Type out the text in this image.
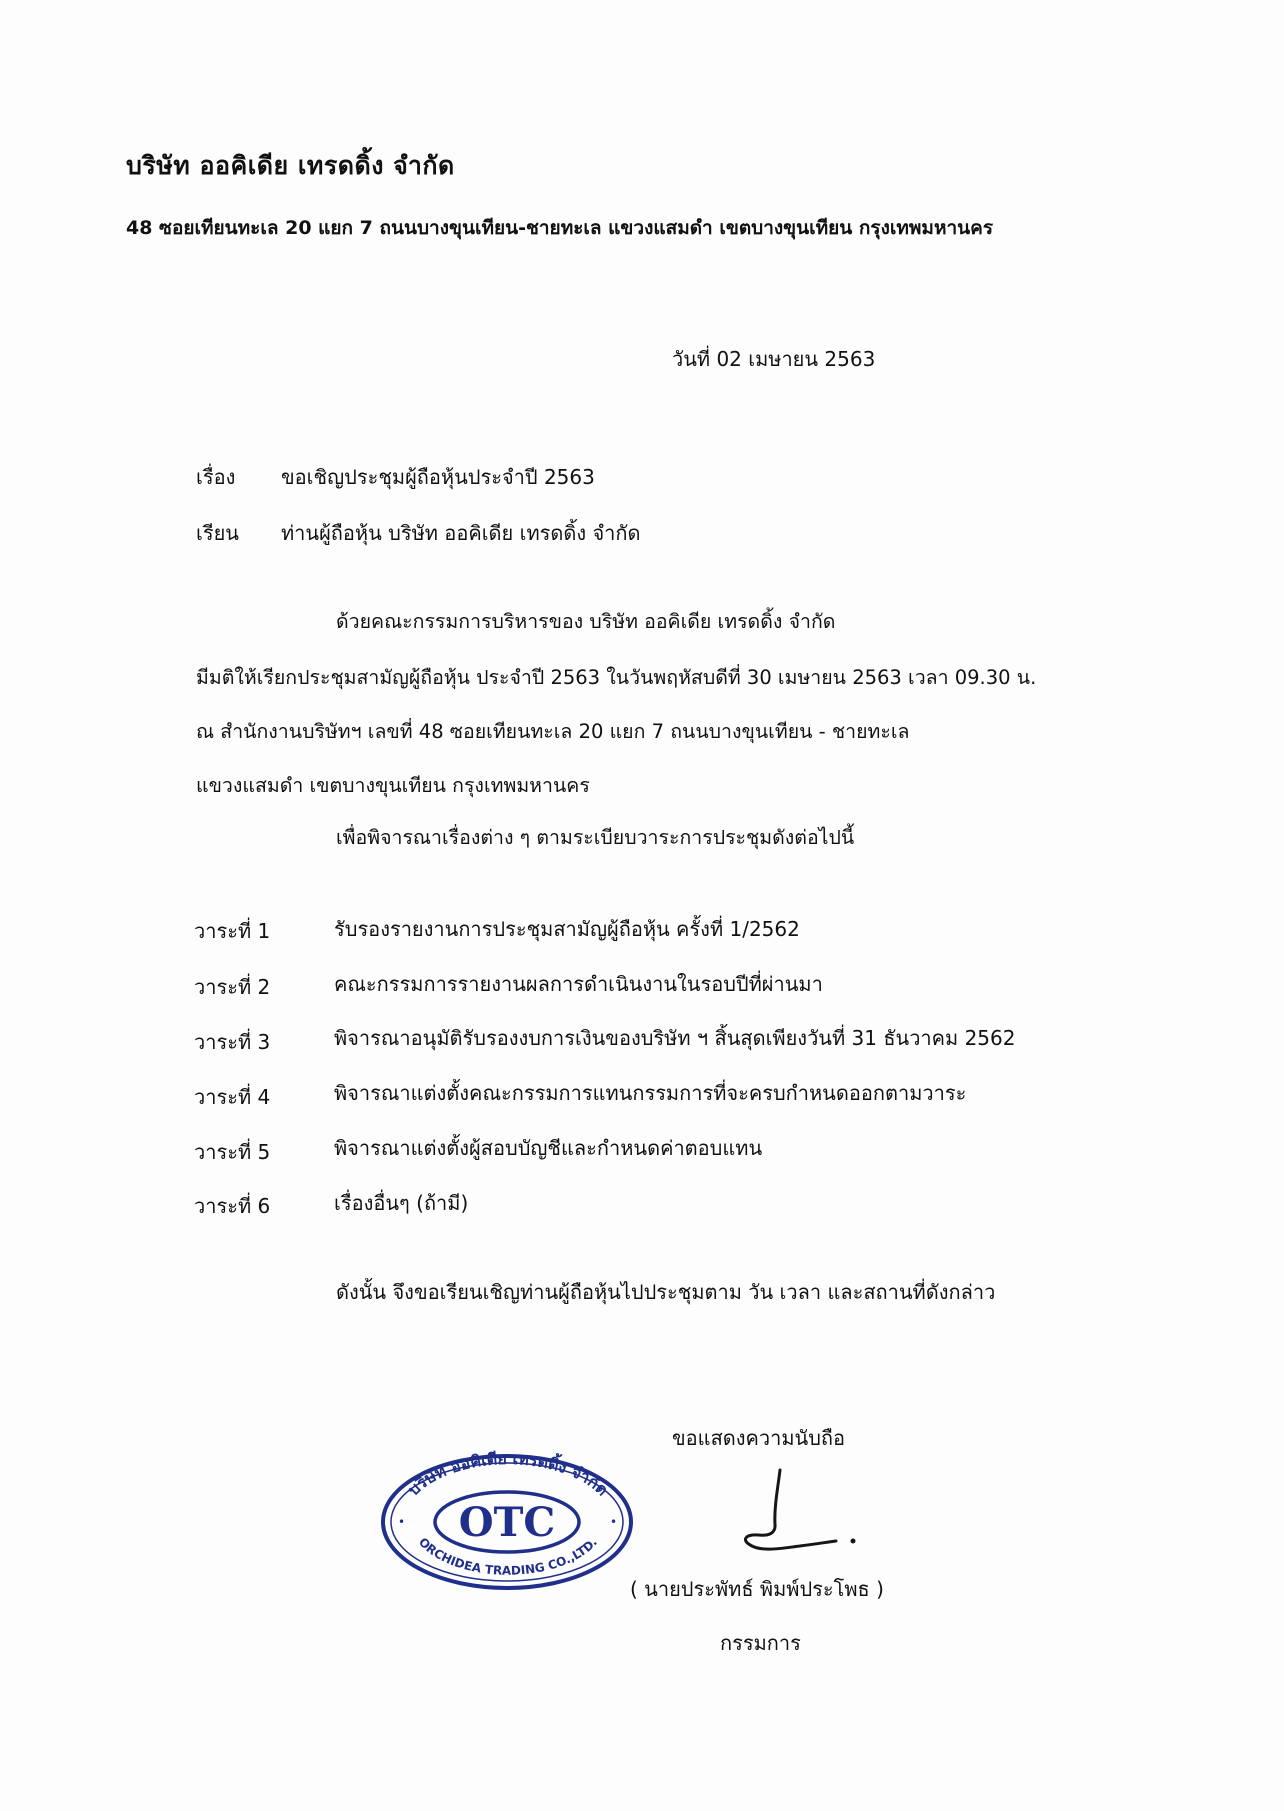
บริษัท ออคิเดีย เทรดดิ้ง จำกัด
48 ซอยเทียนทะเล 20 แยก 7 ถนนบางขุนเทียน-ชายทะเล แขวงแสมดำ เขตบางขุนเทียน กรุงเทพมหานคร
วันที่ 02 เมษายน 2563
เรื่อง ขอเชิญประชุมผู้ถือหุ้นประจำปี 2563
เรียน ท่านผู้ถือหุ้น บริษัท ออคิเดีย เทรดดิ้ง จำกัด
ด้วยคณะกรรมการบริหารของ บริษัท ออคิเดีย เทรดดิ้ง จำกัด
มีมติให้เรียกประชุมสามัญผู้ถือหุ้น ประจำปี 2563 ในวันพฤหัสบดีที่ 30 เมษายน 2563 เวลา 09.30 น.
ณ สำนักงานบริษัทฯ เลขที่ 48 ซอยเทียนทะเล 20 แยก 7 ถนนบางขุนเทียน - ชายทะเล
แขวงแสมดำ เขตบางขุนเทียน กรุงเทพมหานคร
เพื่อพิจารณาเรื่องต่าง ๆ ตามระเบียบวาระการประชุมดังต่อไปนี้
วาระที่ 1	รับรองรายงานการประชุมสามัญผู้ถือหุ้น ครั้งที่ 1/2562
วาระที่ 2	คณะกรรมการรายงานผลการดำเนินงานในรอบปีที่ผ่านมา
วาระที่ 3	พิจารณาอนุมัติรับรองงบการเงินของบริษัท ฯ สิ้นสุดเพียงวันที่ 31 ธันวาคม 2562
วาระที่ 4	พิจารณาแต่งตั้งคณะกรรมการแทนกรรมการที่จะครบกำหนดออกตามวาระ
วาระที่ 5	พิจารณาแต่งตั้งผู้สอบบัญชีและกำหนดค่าตอบแทน
วาระที่ 6	เรื่องอื่นๆ (ถ้ามี)
ดังนั้น จึงขอเรียนเชิญท่านผู้ถือหุ้นไปประชุมตาม วัน เวลา และสถานที่ดังกล่าว
ขอแสดงความนับถือ
บริษัท ออคิเดีย เทรดดิ้ง จำกัด
OTC
ORCHIDEA TRADING CO.,LTD.
•	•
( นายประพัทธ์ พิมพ์ประโพธ )
กรรมการ
